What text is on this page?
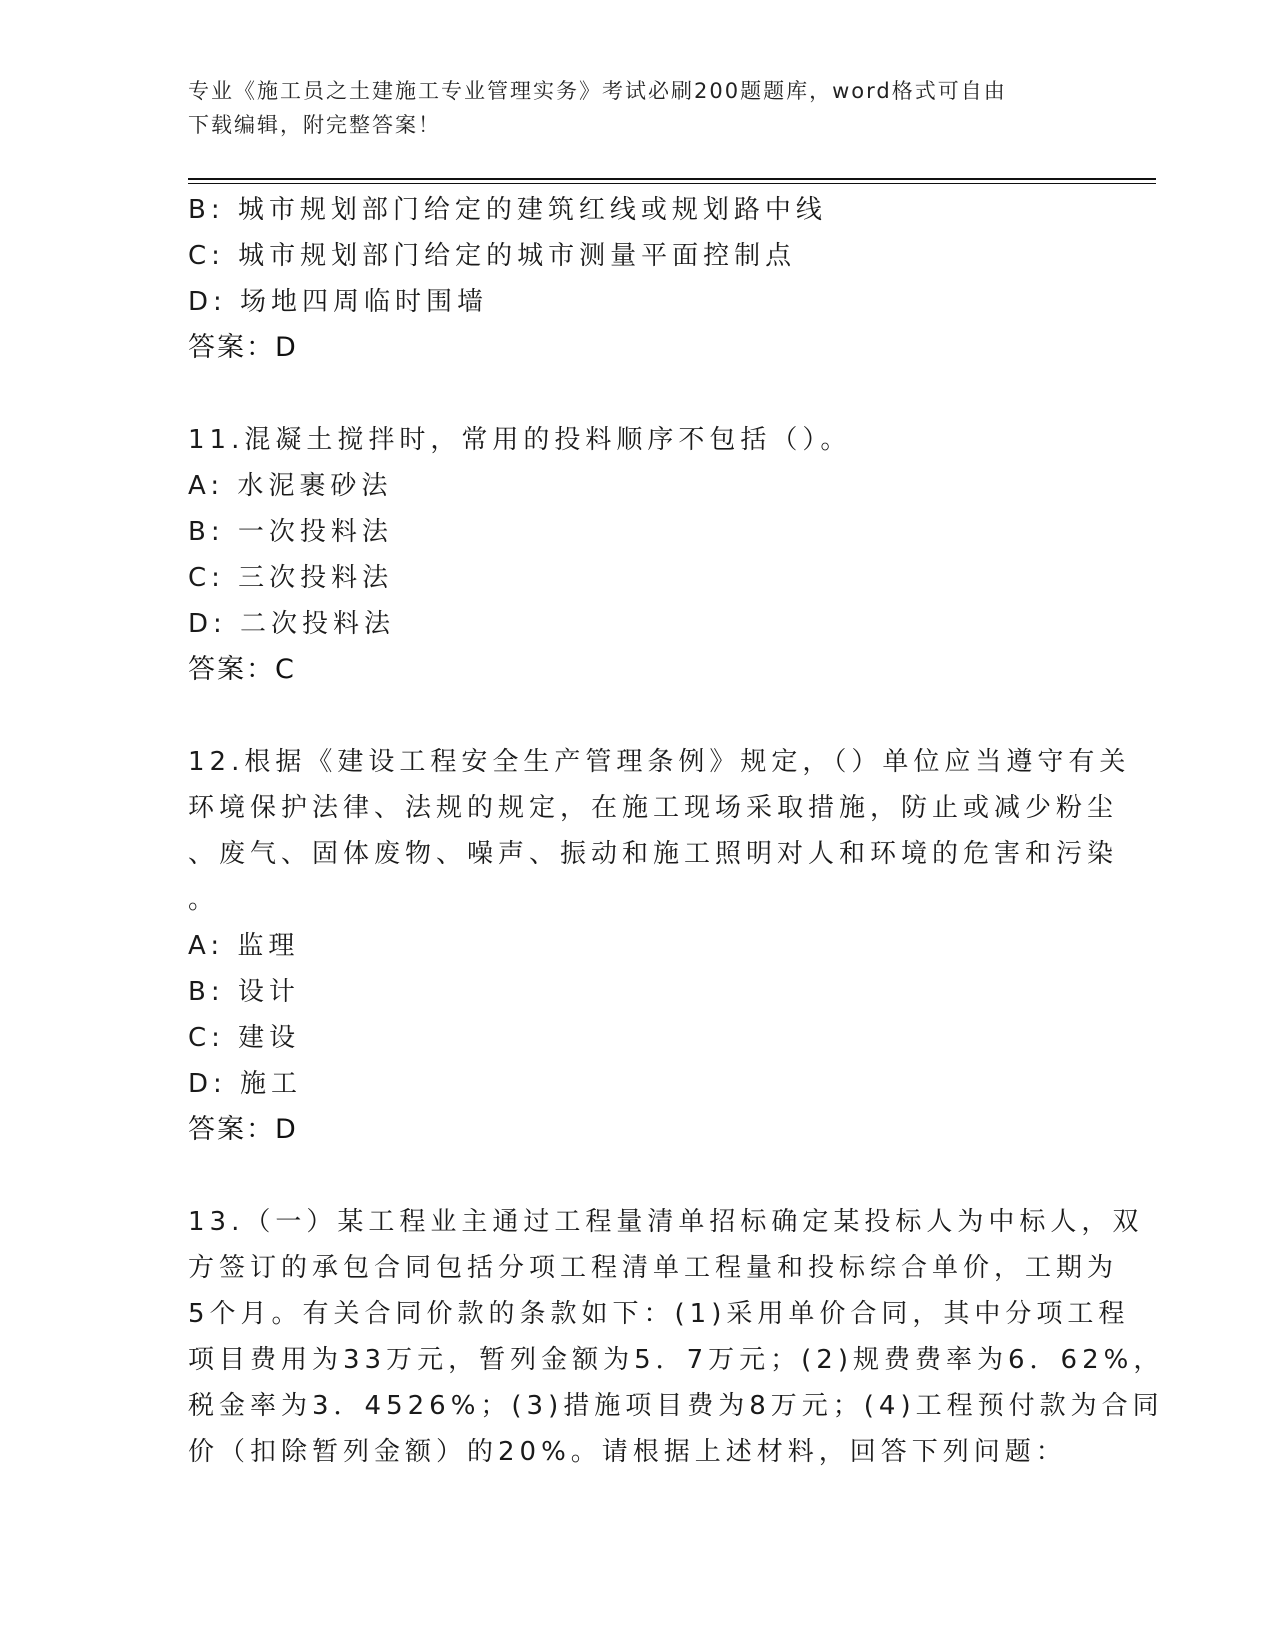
专业《施工员之土建施工专业管理实务》考试必刷200题题库，word格式可自由
下载编辑，附完整答案！
B: 城市规划部门给定的建筑红线或规划路中线
C: 城市规划部门给定的城市测量平面控制点
D: 场地四周临时围墙
答案：D
11.混凝土搅拌时，常用的投料顺序不包括（）。
A: 水泥裹砂法
B: 一次投料法
C: 三次投料法
D: 二次投料法
答案：C
12.根据《建设工程安全生产管理条例》规定，（）单位应当遵守有关
环境保护法律、法规的规定，在施工现场采取措施，防止或减少粉尘
、废气、固体废物、噪声、振动和施工照明对人和环境的危害和污染
。
A: 监理
B: 设计
C: 建设
D: 施工
答案：D
13.（一）某工程业主通过工程量清单招标确定某投标人为中标人，双
方签订的承包合同包括分项工程清单工程量和投标综合单价，工期为
5个月。有关合同价款的条款如下：(1)采用单价合同，其中分项工程
项目费用为33万元，暂列金额为5．7万元；(2)规费费率为6．62%，
税金率为3．4526%；(3)措施项目费为8万元；(4)工程预付款为合同
价（扣除暂列金额）的20%。请根据上述材料，回答下列问题：
